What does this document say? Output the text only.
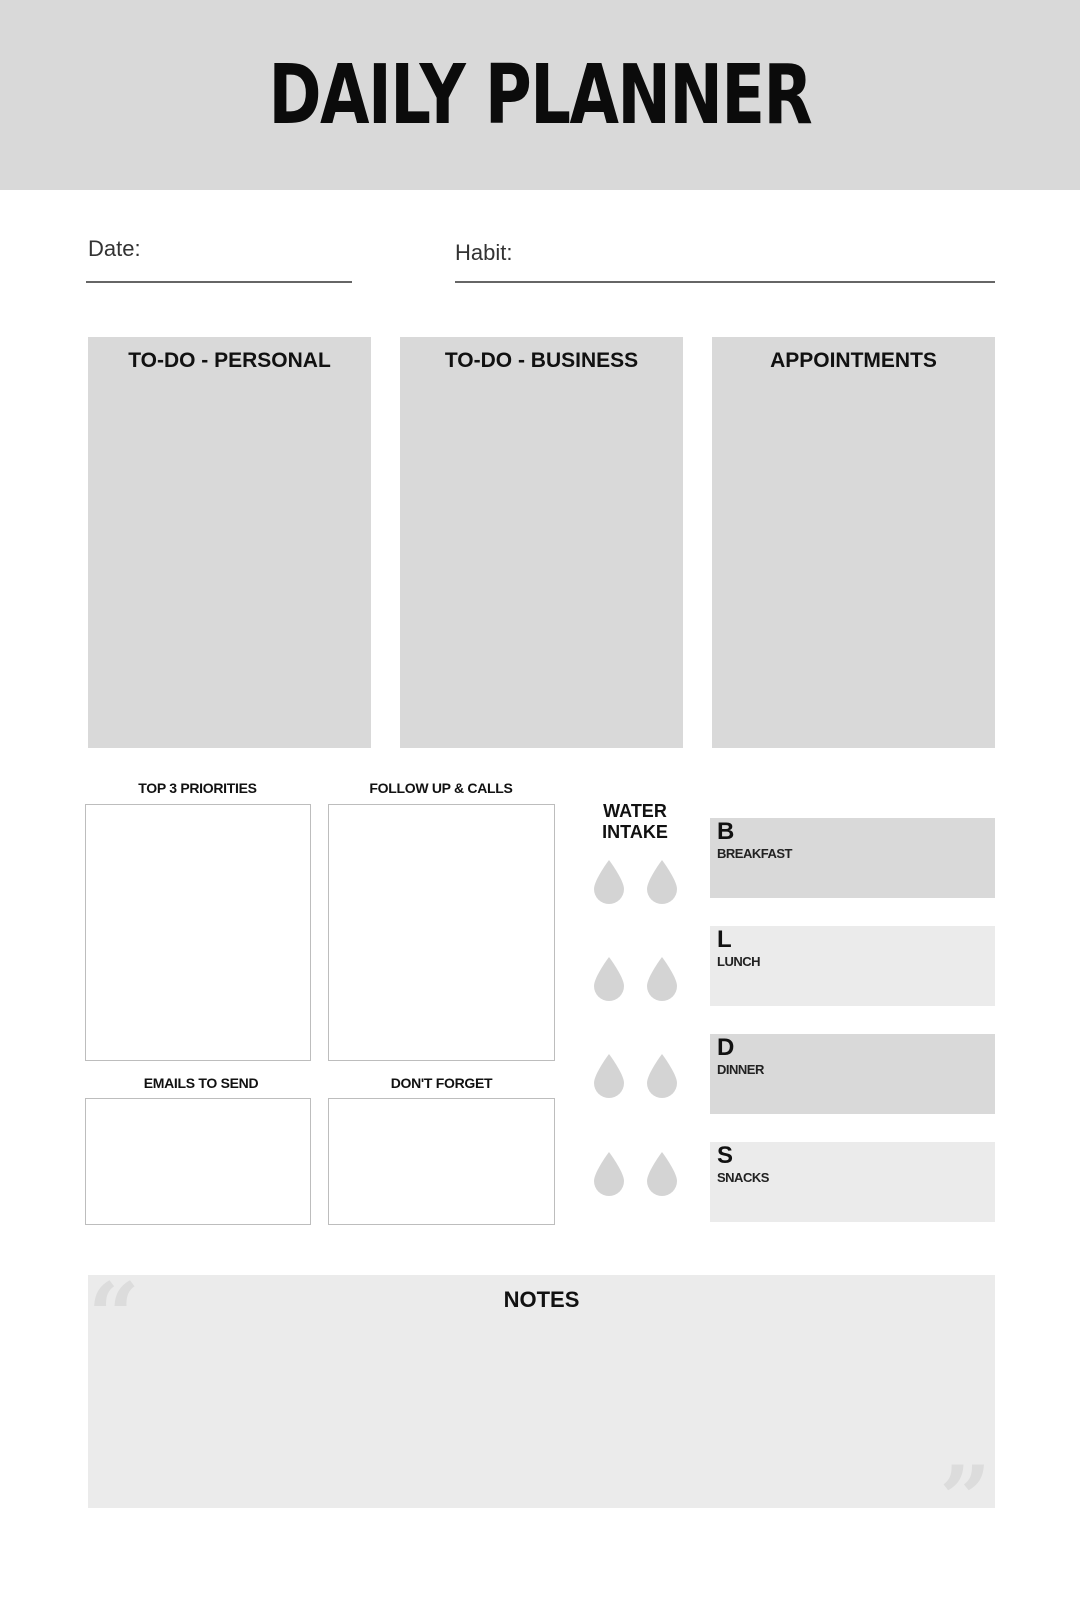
DAILY PLANNER
Date:	Habit:
TO-DO - PERSONAL	TO-DO - BUSINESS	APPOINTMENTS
TOP 3 PRIORITIES	FOLLOW UP & CALLS
EMAILS TO SEND	DON'T FORGET
WATER
INTAKE	B
BREAKFAST
L
LUNCH
D
DINNER
S
SNACKS
“	NOTES
”
